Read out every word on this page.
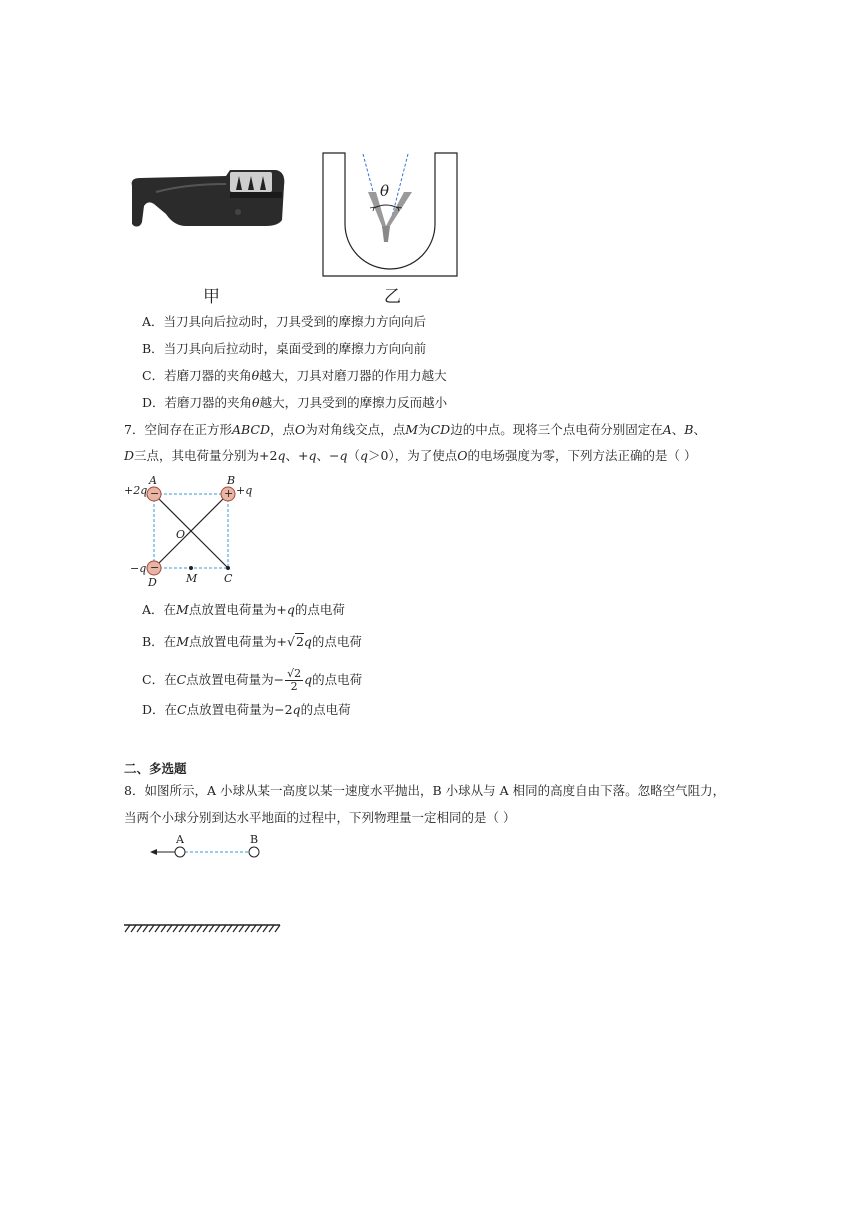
θ
甲	乙
A．当刀具向后拉动时，刀具受到的摩擦力方向向后
B．当刀具向后拉动时，桌面受到的摩擦力方向向前
C．若磨刀器的夹角θ越大，刀具对磨刀器的作用力越大
D．若磨刀器的夹角θ越大，刀具受到的摩擦力反而越小
7．空间存在正方形ABCD，点O为对角线交点，点M为CD边的中点。现将三个点电荷分别固定在A、B、
D三点，其电荷量分别为+2q、+q、−q（q＞0），为了使点O的电场强度为零，下列方法正确的是（ ）
−	+
−
A	B
O
D	M C
+2q	+q
−q
A．在M点放置电荷量为+q的点电荷
B．在M点放置电荷量为+√2q的点电荷
C．在C点放置电荷量为− $\frac{√2}{2}$ q的点电荷
D．在C点放置电荷量为−2q的点电荷
二、多选题
8．如图所示，A 小球从某一高度以某一速度水平抛出，B 小球从与 A 相同的高度自由下落。忽略空气阻力，
当两个小球分别到达水平地面的过程中，下列物理量一定相同的是（ ）
A	B
